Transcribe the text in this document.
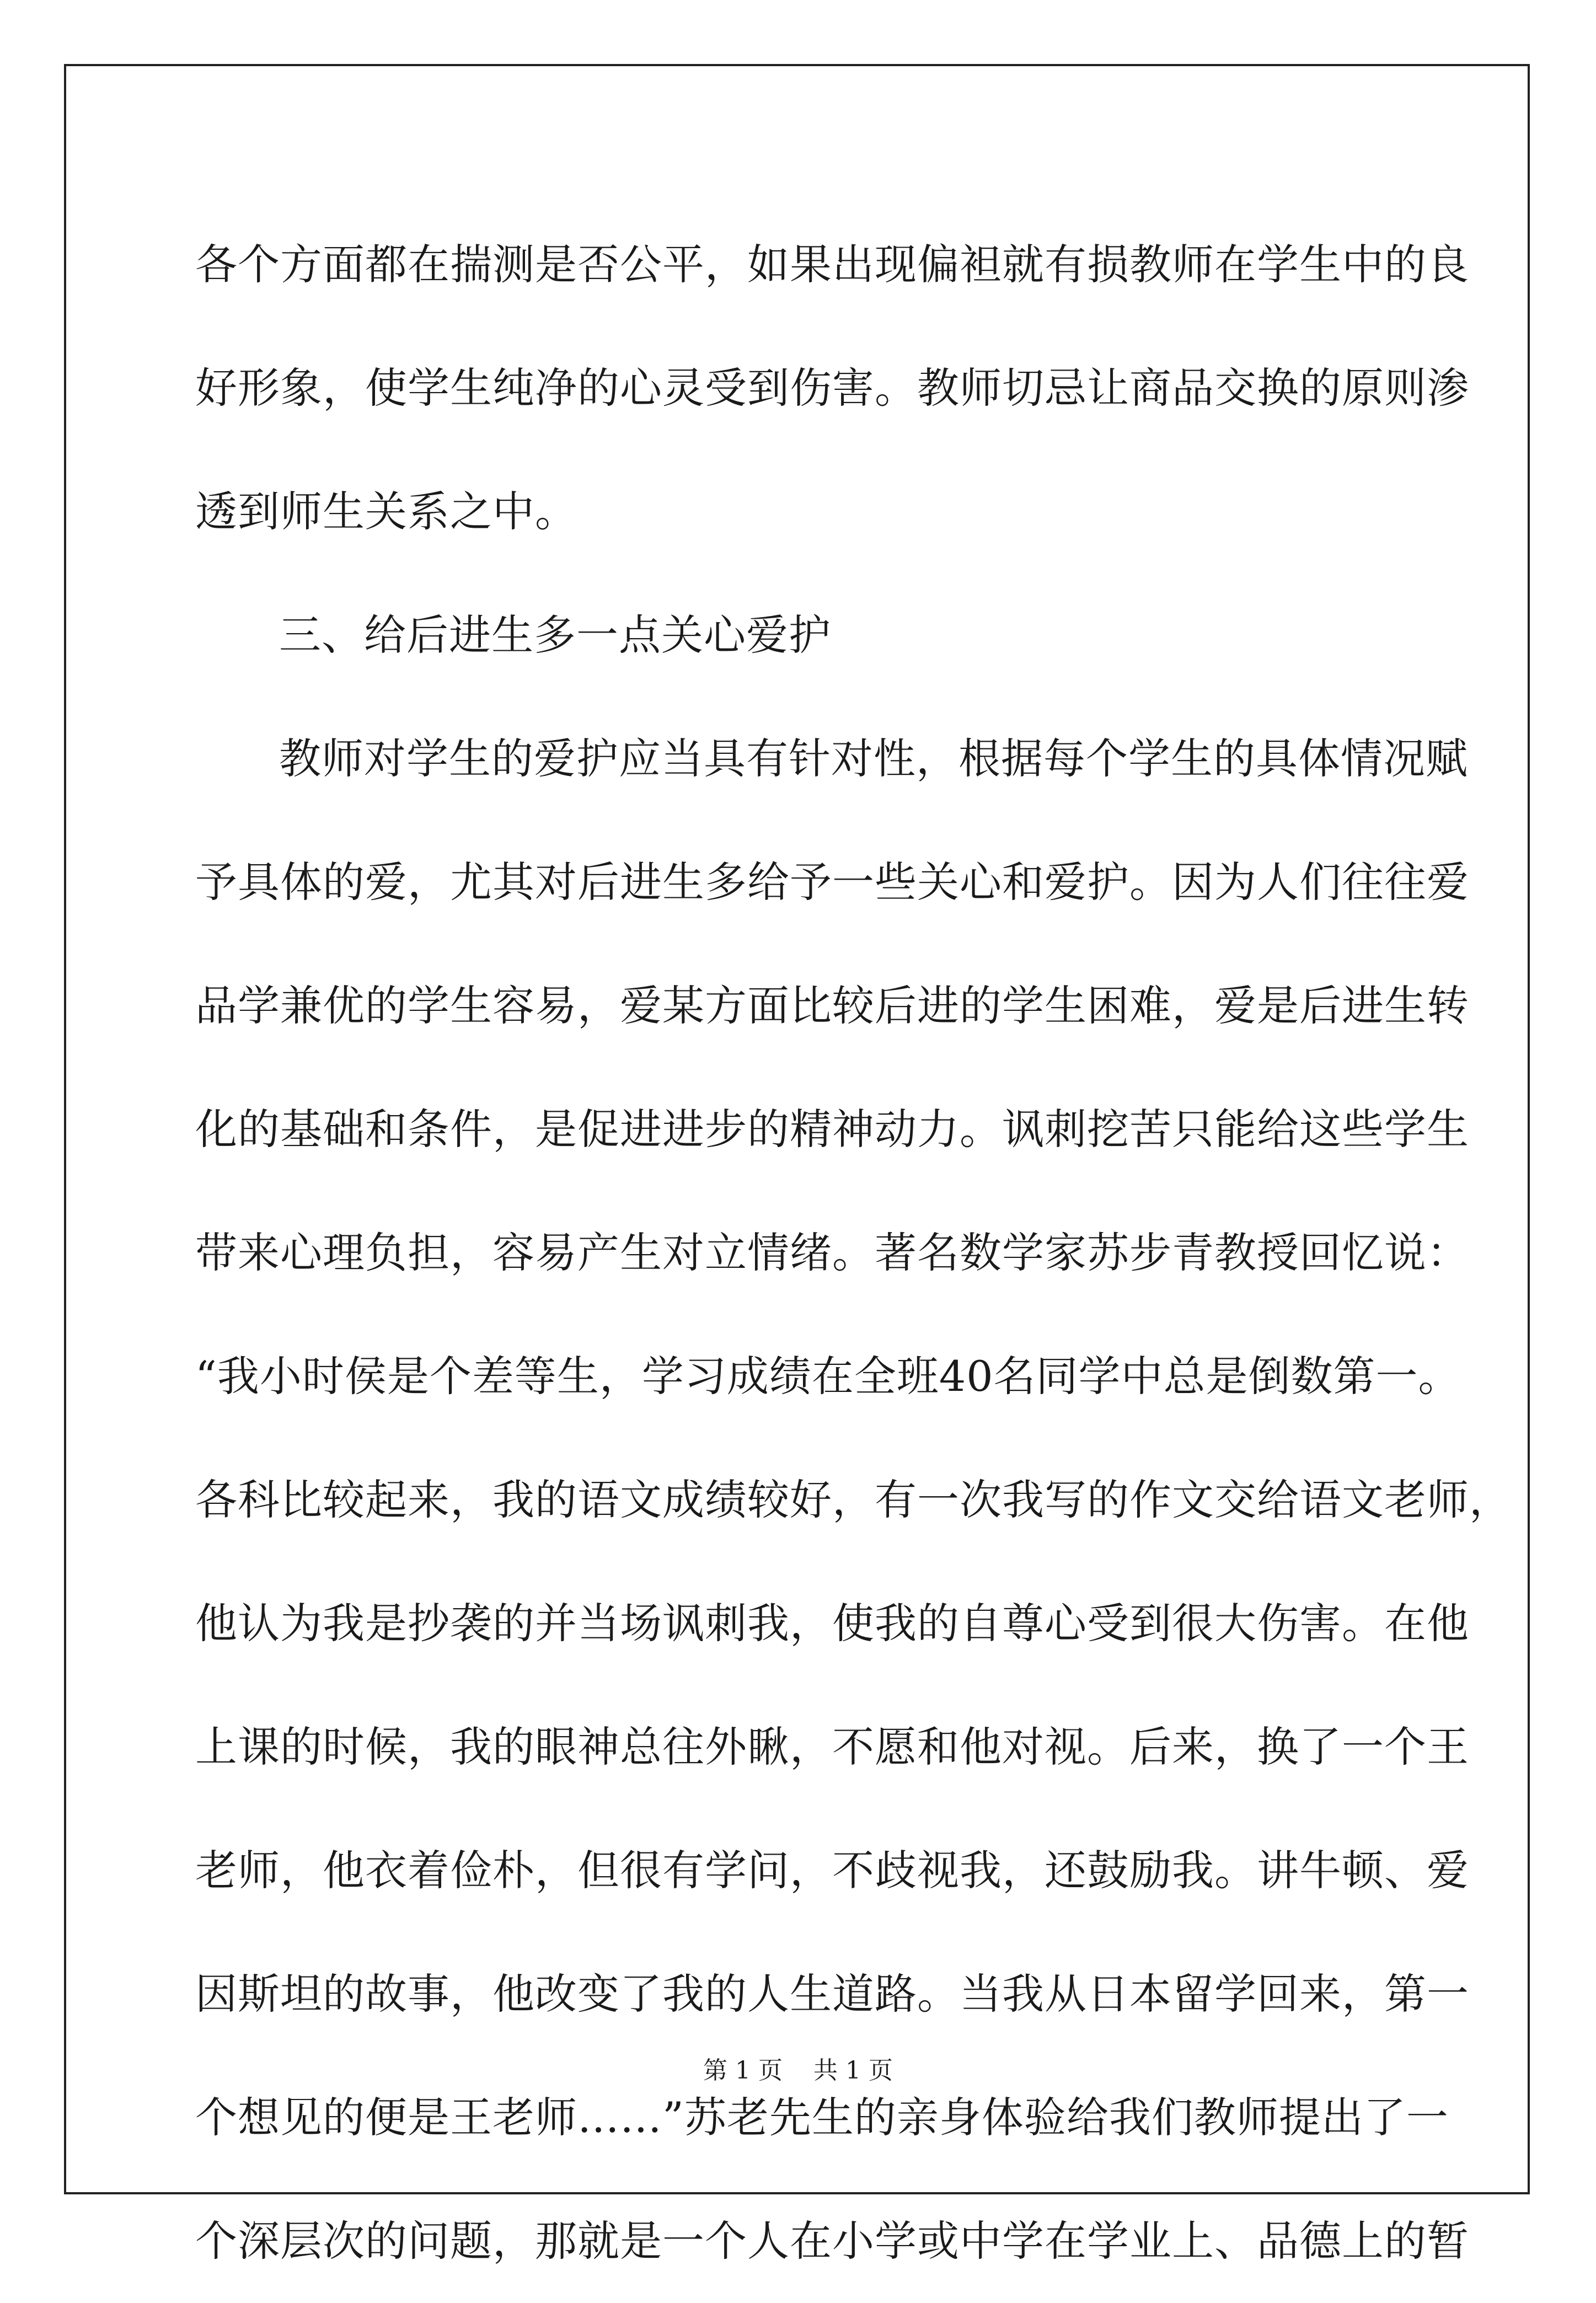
各个方面都在揣测是否公平，如果出现偏袒就有损教师在学生中的良
好形象，使学生纯净的心灵受到伤害。教师切忌让商品交换的原则渗
透到师生关系之中。
三、给后进生多一点关心爱护
教师对学生的爱护应当具有针对性，根据每个学生的具体情况赋
予具体的爱，尤其对后进生多给予一些关心和爱护。因为人们往往爱
品学兼优的学生容易，爱某方面比较后进的学生困难，爱是后进生转
化的基础和条件，是促进进步的精神动力。讽刺挖苦只能给这些学生
带来心理负担，容易产生对立情绪。著名数学家苏步青教授回忆说：
“我小时侯是个差等生，学习成绩在全班40名同学中总是倒数第一。
各科比较起来，我的语文成绩较好，有一次我写的作文交给语文老师，
他认为我是抄袭的并当场讽刺我，使我的自尊心受到很大伤害。在他
上课的时候，我的眼神总往外瞅，不愿和他对视。后来，换了一个王
老师，他衣着俭朴，但很有学问，不歧视我，还鼓励我。讲牛顿、爱
因斯坦的故事，他改变了我的人生道路。当我从日本留学回来，第一
个想见的便是王老师……”苏老先生的亲身体验给我们教师提出了一
个深层次的问题，那就是一个人在小学或中学在学业上、品德上的暂
第 1 页    共 1 页
